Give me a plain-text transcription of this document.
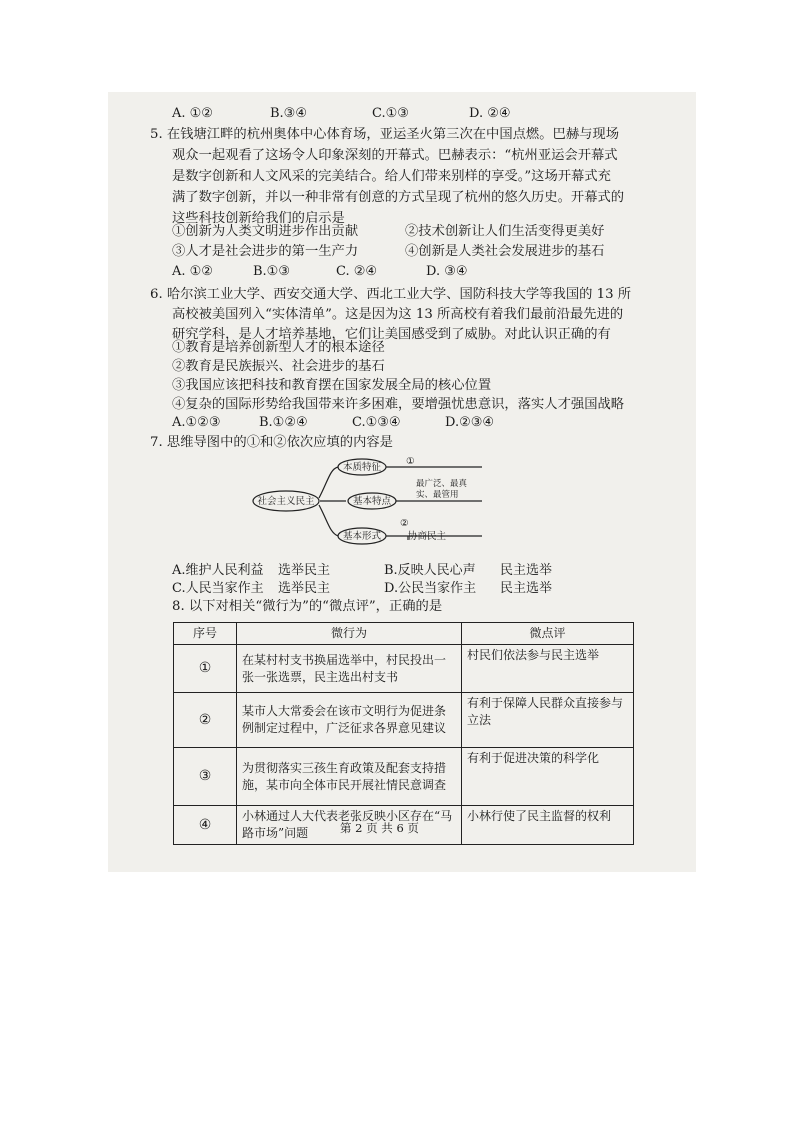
A. ①②	B.③④	C.①③	D. ②④
5. 在钱塘江畔的杭州奥体中心体育场，亚运圣火第三次在中国点燃。巴赫与现场
观众一起观看了这场令人印象深刻的开幕式。巴赫表示：“杭州亚运会开幕式
是数字创新和人文风采的完美结合。给人们带来别样的享受。”这场开幕式充
满了数字创新，并以一种非常有创意的方式呈现了杭州的悠久历史。开幕式的
这些科技创新给我们的启示是
①创新为人类文明进步作出贡献	②技术创新让人们生活变得更美好
③人才是社会进步的第一生产力	④创新是人类社会发展进步的基石
A. ①②	B.①③	C. ②④	D. ③④
6. 哈尔滨工业大学、西安交通大学、西北工业大学、国防科技大学等我国的 13 所
高校被美国列入“实体清单”。这是因为这 13 所高校有着我们最前沿最先进的
研究学科，是人才培养基地，它们让美国感受到了威胁。对此认识正确的有
①教育是培养创新型人才的根本途径
②教育是民族振兴、社会进步的基石
③我国应该把科技和教育摆在国家发展全局的核心位置
④复杂的国际形势给我国带来许多困难，要增强忧患意识，落实人才强国战略
A.①②③	B.①②④	C.①③④	D.②③④
7. 思维导图中的①和②依次应填的内容是
社会主义民主
本质特征
①
基本特点
最广泛、最真
实、最管用
基本形式
②
协商民主
A.维护人民利益 选举民主	B.反映人民心声 民主选举
C.人民当家作主 选举民主	D.公民当家作主 民主选举
8. 以下对相关“微行为”的“微点评”，正确的是
序号	微行为	微点评
①	在某村村支书换届选举中，村民投出一张一张选票，民主选出村支书	村民们依法参与民主选举
②	某市人大常委会在该市文明行为促进条例制定过程中，广泛征求各界意见建议	有利于保障人民群众直接参与立法
③	为贯彻落实三孩生育政策及配套支持措施，某市向全体市民开展社情民意调查	有利于促进决策的科学化
④	小林通过人大代表老张反映小区存在“马路市场”问题	小林行使了民主监督的权利
第 2 页 共 6 页
